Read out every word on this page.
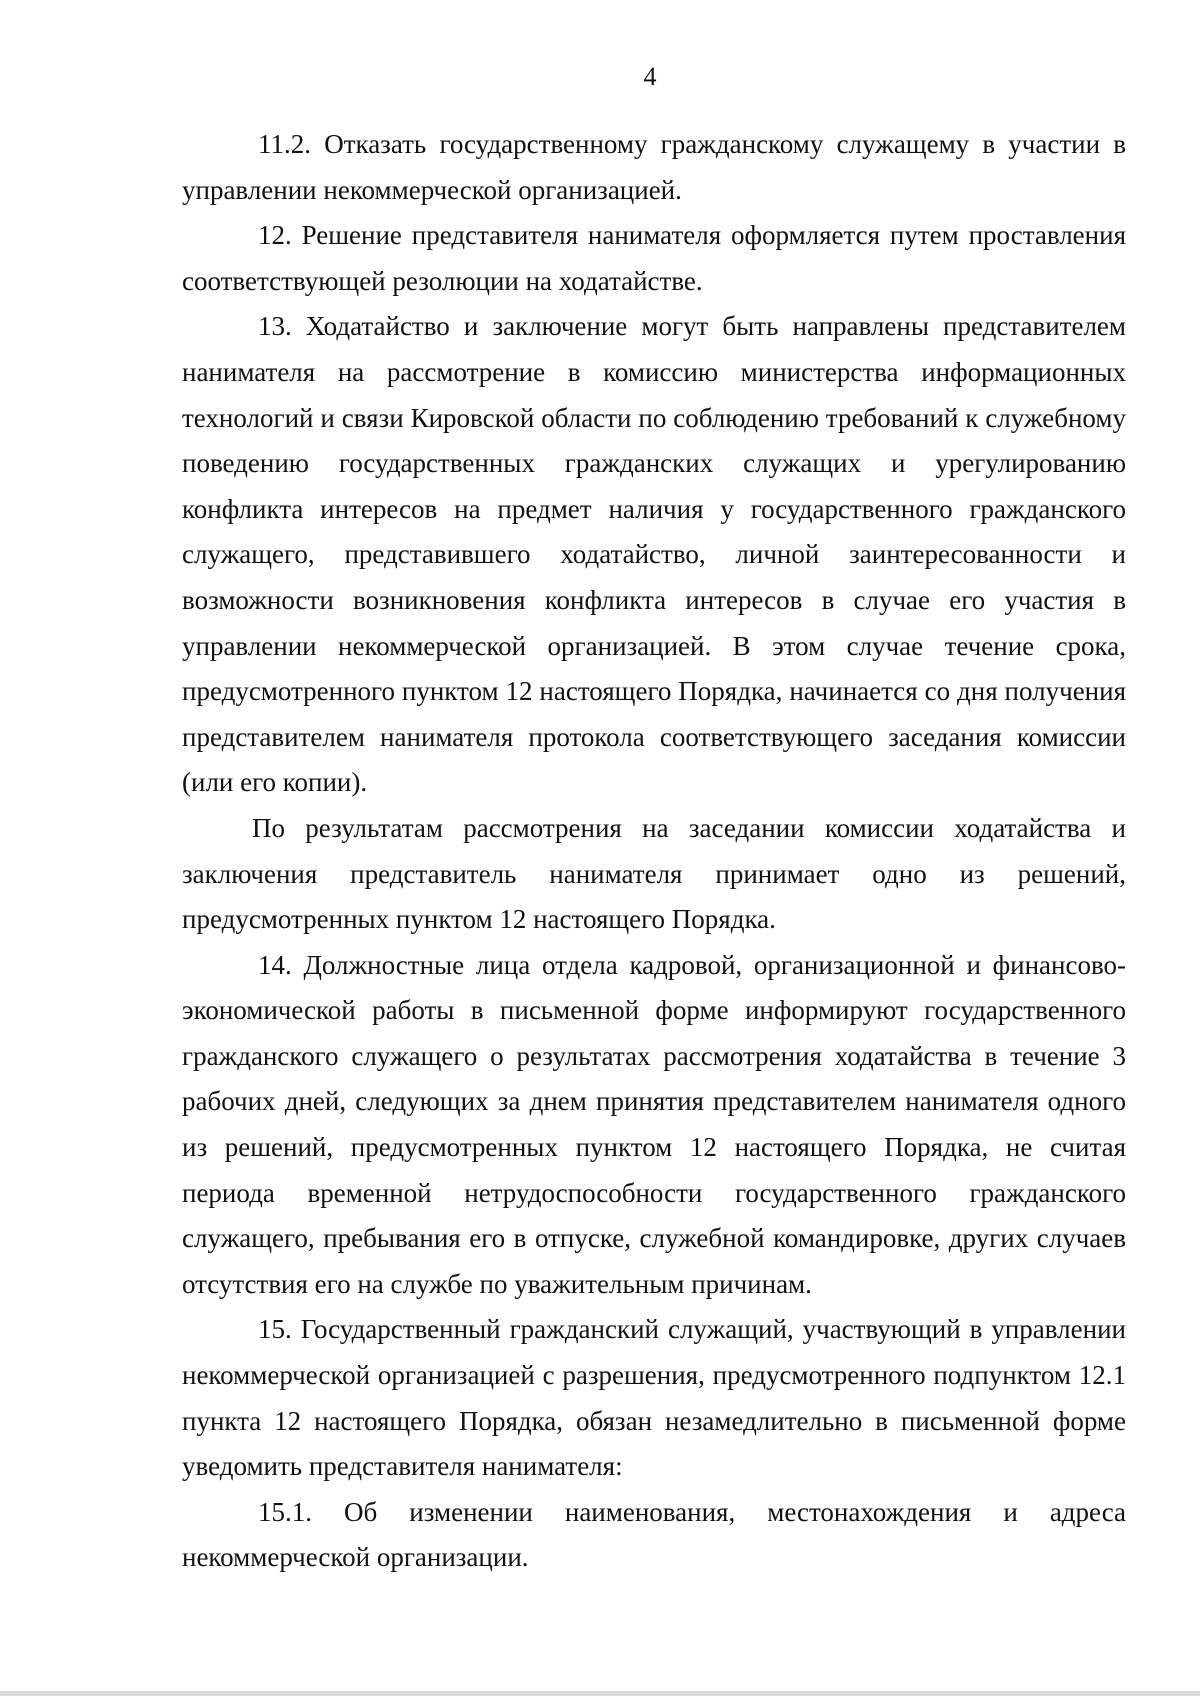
4

11.2. Отказать государственному гражданскому служащему в участии в управлении некоммерческой организацией.

12. Решение представителя нанимателя оформляется путем проставления соответствующей резолюции на ходатайстве.

13. Ходатайство и заключение могут быть направлены представителем нанимателя на рассмотрение в комиссию министерства информационных технологий и связи Кировской области по соблюдению требований к служебному поведению государственных гражданских служащих и урегулированию конфликта интересов на предмет наличия у государственного гражданского служащего, представившего ходатайство, личной заинтересованности и возможности возникновения конфликта интересов в случае его участия в управлении некоммерческой организацией. В этом случае течение срока, предусмотренного пунктом 12 настоящего Порядка, начинается со дня получения представителем нанимателя протокола соответствующего заседания комиссии (или его копии).

По результатам рассмотрения на заседании комиссии ходатайства и заключения представитель нанимателя принимает одно из решений, предусмотренных пунктом 12 настоящего Порядка.

14. Должностные лица отдела кадровой, организационной и финансово-экономической работы в письменной форме информируют государственного гражданского служащего о результатах рассмотрения ходатайства в течение 3 рабочих дней, следующих за днем принятия представителем нанимателя одного из решений, предусмотренных пунктом 12 настоящего Порядка, не считая периода временной нетрудоспособности государственного гражданского служащего, пребывания его в отпуске, служебной командировке, других случаев отсутствия его на службе по уважительным причинам.

15. Государственный гражданский служащий, участвующий в управлении некоммерческой организацией с разрешения, предусмотренного подпунктом 12.1 пункта 12 настоящего Порядка, обязан незамедлительно в письменной форме уведомить представителя нанимателя:

15.1. Об изменении наименования, местонахождения и адреса некоммерческой организации.
